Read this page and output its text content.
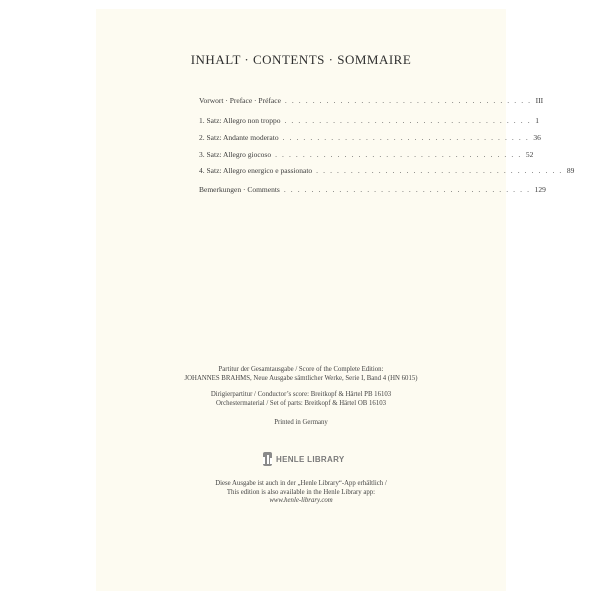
INHALT · CONTENTS · SOMMAIRE
Vorwort · Preface · Préface . . . . . . . . . . . . . . . . . . . . . . . . . . . . . . . . . . . . III
1. Satz: Allegro non troppo . . . . . . . . . . . . . . . . . . . . . . . . . . . . . . . . . . . . 1
2. Satz: Andante moderato . . . . . . . . . . . . . . . . . . . . . . . . . . . . . . . . . . . . 36
3. Satz: Allegro giocoso . . . . . . . . . . . . . . . . . . . . . . . . . . . . . . . . . . . . 52
4. Satz: Allegro energico e passionato . . . . . . . . . . . . . . . . . . . . . . . . . . . . . . . . . . . . 89
Bemerkungen · Comments . . . . . . . . . . . . . . . . . . . . . . . . . . . . . . . . . . . . 129
Partitur der Gesamtausgabe / Score of the Complete Edition:
JOHANNES BRAHMS, Neue Ausgabe sämtlicher Werke, Serie I, Band 4 (HN 6015)
Dirigierpartitur / Conductor’s score: Breitkopf & Härtel PB 16103
Orchestermaterial / Set of parts: Breitkopf & Härtel OB 16103
Printed in Germany
HENLE LIBRARY
Diese Ausgabe ist auch in der „Henle Library“-App erhältlich /
This edition is also available in the Henle Library app:
www.henle-library.com
